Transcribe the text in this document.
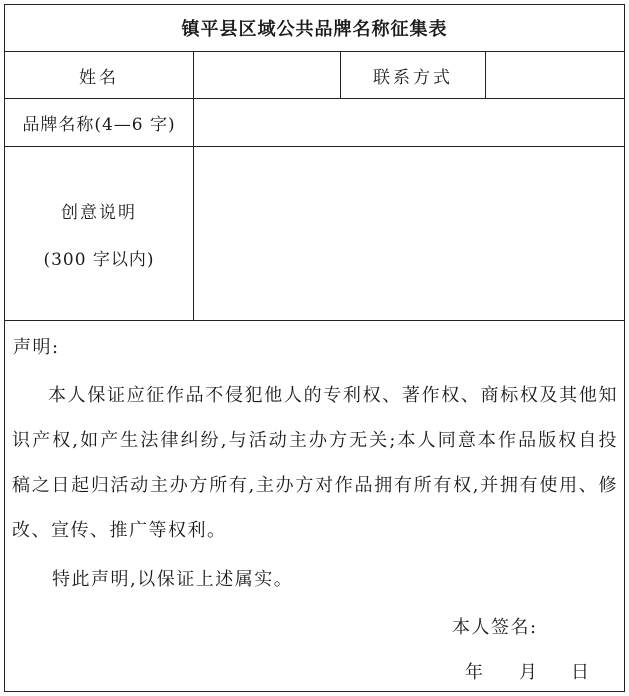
镇平县区域公共品牌名称征集表
姓名	联系方式
品牌名称(4—6 字)
创意说明
(300 字以内)
声明:
本人保证应征作品不侵犯他人的专利权、著作权、商标权及其他知识产权,如产生法律纠纷,与活动主办方无关;本人同意本作品版权自投稿之日起归活动主办方所有,主办方对作品拥有所有权,并拥有使用、修改、宣传、推广等权利。
特此声明,以保证上述属实。
本人签名:
年 月 日
